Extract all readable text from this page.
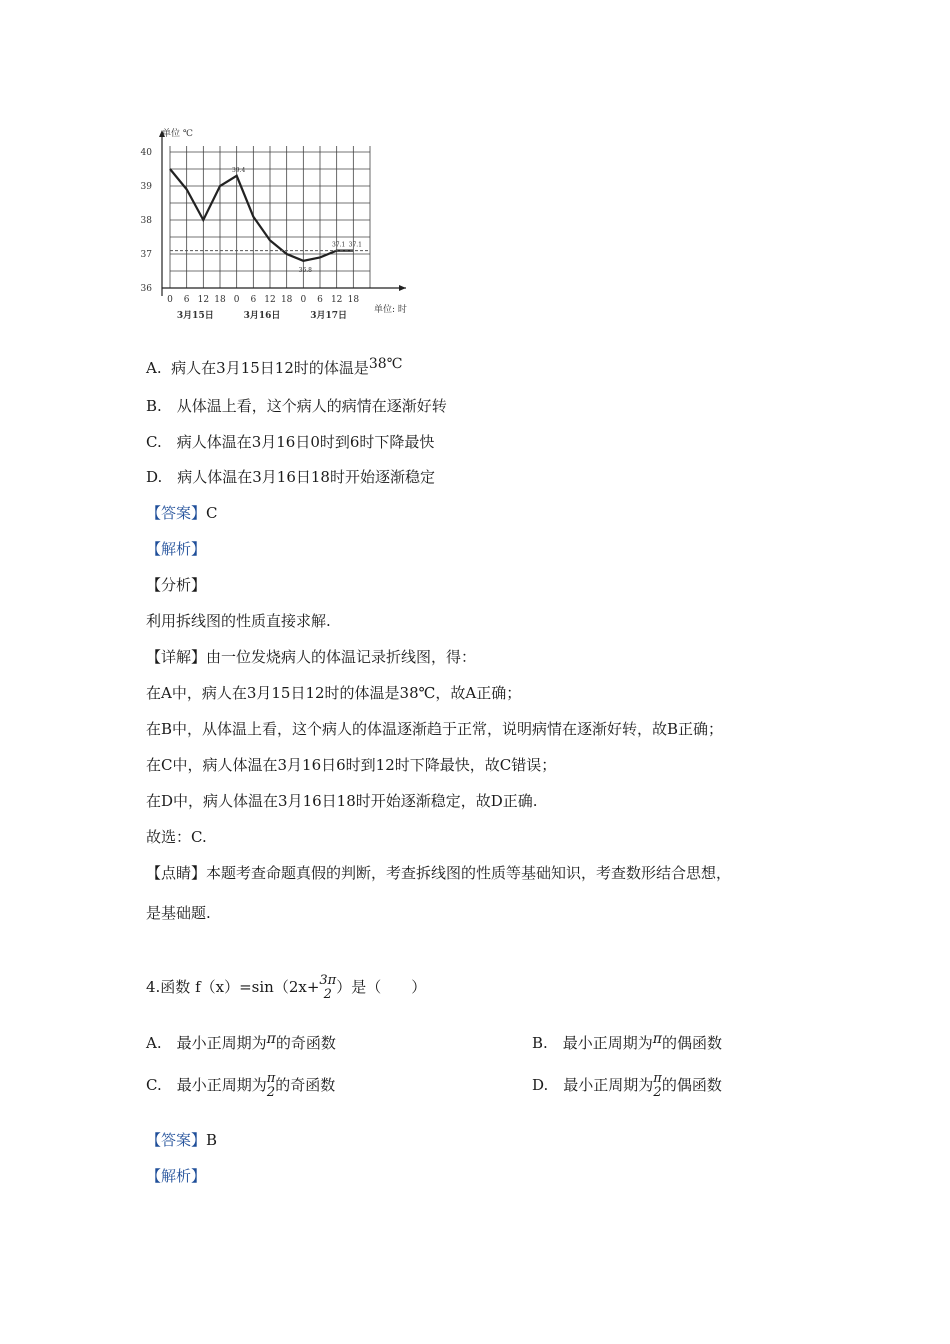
40
39
38
37
36
0 6 12 18 0 6 12 18 0 6 12 18
3月15日	3月16日	3月17日
39.4
36.8
37.1 37.1
单位 ℃
单位: 时
A. 病人在3月15日12时的体温是38℃
B.　从体温上看，这个病人的病情在逐渐好转
C.　病人体温在3月16日0时到6时下降最快
D.　病人体温在3月16日18时开始逐渐稳定
【答案】C
【解析】
【分析】
利用拆线图的性质直接求解.
【详解】由一位发烧病人的体温记录折线图，得：
在A中，病人在3月15日12时的体温是38℃，故A正确；
在B中，从体温上看，这个病人的体温逐渐趋于正常，说明病情在逐渐好转，故B正确；
在C中，病人体温在3月16日6时到12时下降最快，故C错误；
在D中，病人体温在3月16日18时开始逐渐稳定，故D正确.
故选：C.
【点睛】本题考查命题真假的判断，考查拆线图的性质等基础知识，考查数形结合思想，
是基础题.
4.函数 f（x）=sin（2x+ 3π
2 ）是（　　）
A.　最小正周期为π的奇函数	B.　最小正周期为π的偶函数
C.　最小正周期为 π
2 的奇函数	D.　最小正周期为 π
2 的偶函数
【答案】B
【解析】
